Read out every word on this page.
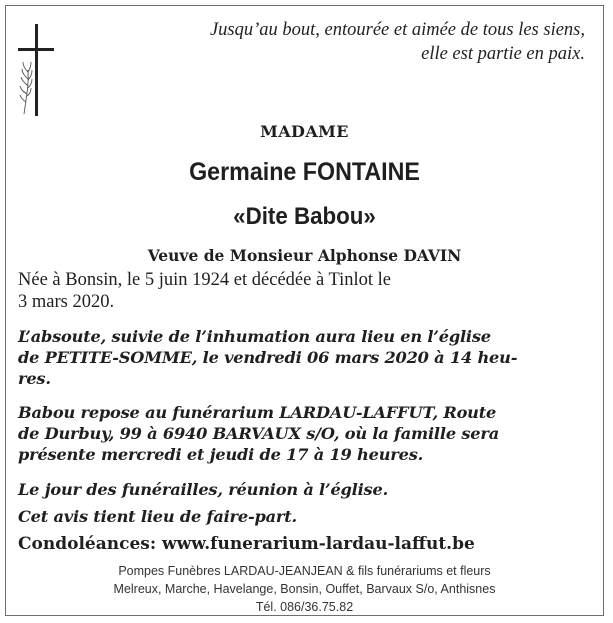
Jusqu’au bout, entourée et aimée de tous les siens,
elle est partie en paix.
MADAME
Germaine FONTAINE
«Dite Babou»
Veuve de Monsieur Alphonse DAVIN
Née à Bonsin, le 5 juin 1924 et décédée à Tinlot le
3 mars 2020.
L’absoute, suivie de l’inhumation aura lieu en l’église
de PETITE-SOMME, le vendredi 06 mars 2020 à 14 heu-
res.
Babou repose au funérarium LARDAU-LAFFUT, Route
de Durbuy, 99 à 6940 BARVAUX s/O, où la famille sera
présente mercredi et jeudi de 17 à 19 heures.
Le jour des funérailles, réunion à l’église.
Cet avis tient lieu de faire-part.
Condoléances: www.funerarium-lardau-laffut.be
Pompes Funèbres LARDAU-JEANJEAN & fils funérariums et fleurs
Melreux, Marche, Havelange, Bonsin, Ouffet, Barvaux S/o, Anthisnes
Tél. 086/36.75.82
